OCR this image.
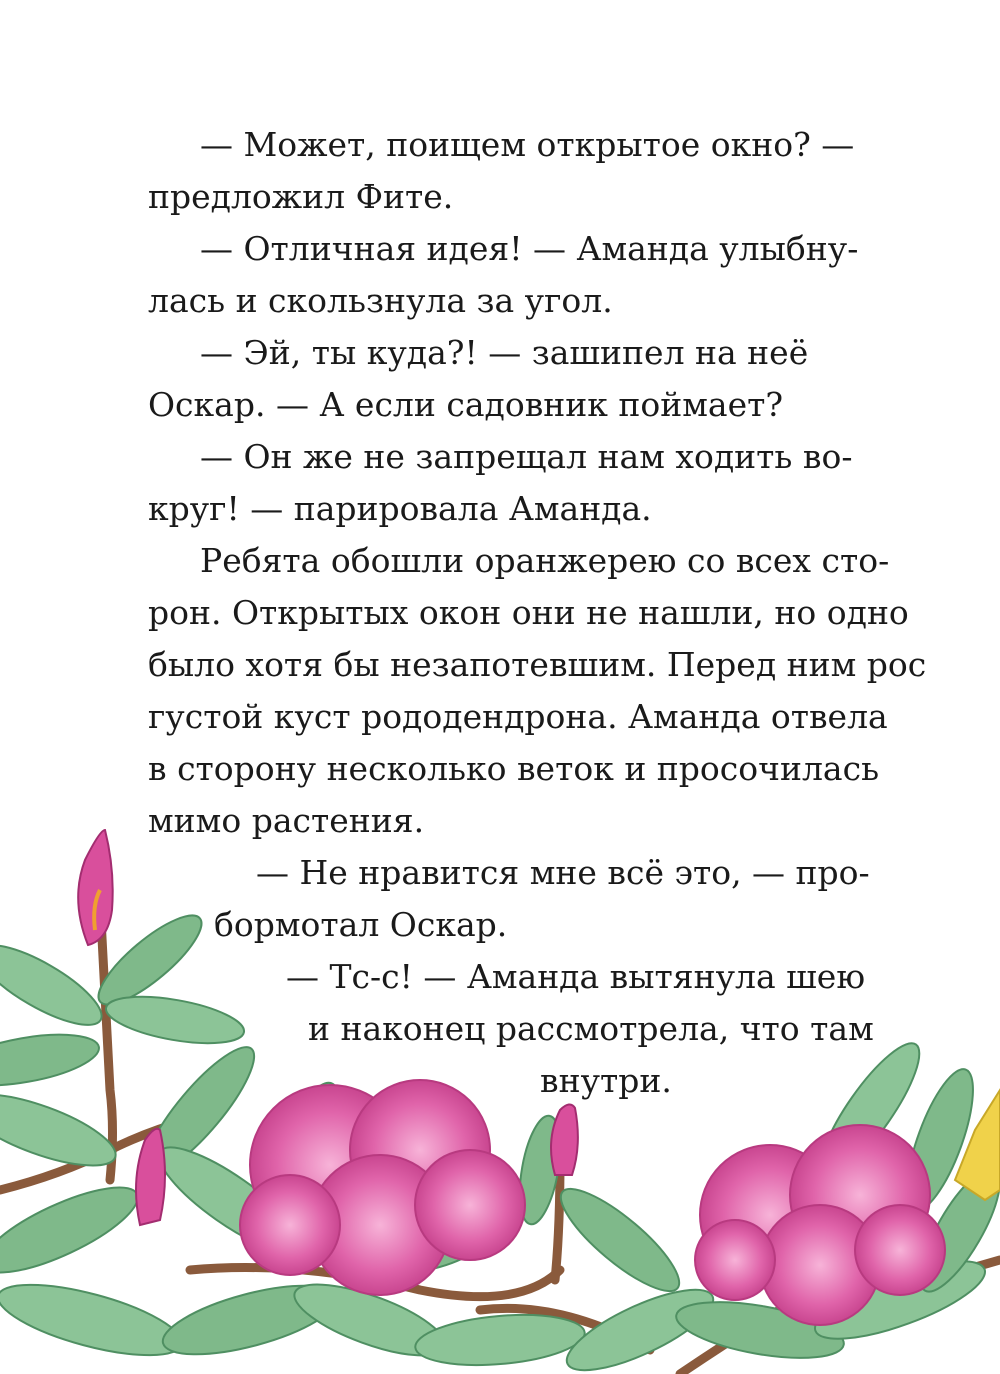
— Может, поищем открытое окно? —
предложил Фите.
— Отличная идея! — Аманда улыбну-
лась и скользнула за угол.
— Эй, ты куда?! — зашипел на неё
Оскар. — А если садовник поймает?
— Он же не запрещал нам ходить во-
круг! — парировала Аманда.
Ребята обошли оранжерею со всех сто-
рон. Открытых окон они не нашли, но одно
было хотя бы незапотевшим. Перед ним рос
густой куст рододендрона. Аманда отвела
в сторону несколько веток и просочилась
мимо растения.
— Не нравится мне всё это, — про-
бормотал Оскар.
— Тс-с! — Аманда вытянула шею
и наконец рассмотрела, что там
внутри.
